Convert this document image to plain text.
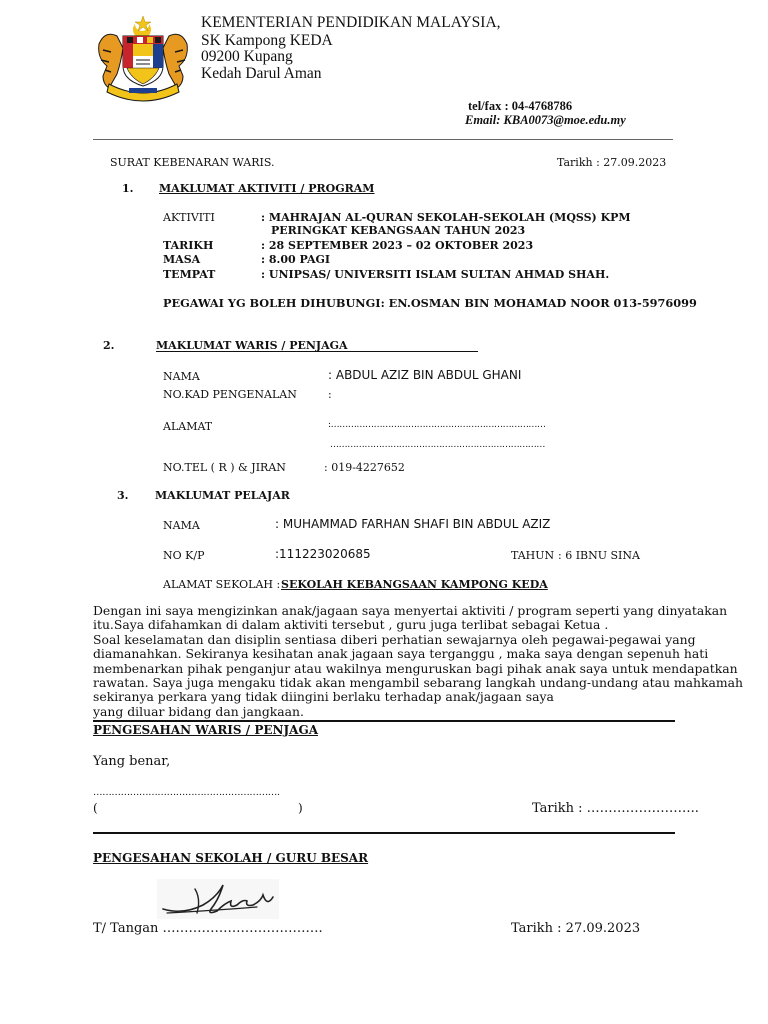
KEMENTERIAN PENDIDIKAN MALAYSIA,
SK Kampong KEDA
09200 Kupang
Kedah Darul Aman
tel/fax : 04-4768786
Email: KBA0073@moe.edu.my
SURAT KEBENARAN WARIS.	Tarikh : 27.09.2023
1. MAKLUMAT AKTIVITI / PROGRAM
AKTIVITI	: MAHRAJAN AL-QURAN SEKOLAH-SEKOLAH (MQSS) KPM
PERINGKAT KEBANGSAAN TAHUN 2023
TARIKH	: 28 SEPTEMBER 2023 – 02 OKTOBER 2023
MASA	: 8.00 PAGI
TEMPAT	: UNIPSAS/ UNIVERSITI ISLAM SULTAN AHMAD SHAH.
PEGAWAI YG BOLEH DIHUBUNGI: EN.OSMAN BIN MOHAMAD NOOR 013-5976099
2.	MAKLUMAT WARIS / PENJAGA
NAMA	: ABDUL AZIZ BIN ABDUL GHANI
NO.KAD PENGENALAN	:
ALAMAT	:…………………………………………………………………
…………………………………………………………………
NO.TEL ( R ) & JIRAN	: 019-4227652
3. MAKLUMAT PELAJAR
NAMA	: MUHAMMAD FARHAN SHAFI BIN ABDUL AZIZ
NO K/P	:111223020685	TAHUN : 6 IBNU SINA
ALAMAT SEKOLAH : SEKOLAH KEBANGSAAN KAMPONG KEDA
Dengan ini saya mengizinkan anak/jagaan saya menyertai aktiviti / program seperti yang dinyatakan
itu.Saya difahamkan di dalam aktiviti tersebut , guru juga terlibat sebagai Ketua .
Soal keselamatan dan disiplin sentiasa diberi perhatian sewajarnya oleh pegawai-pegawai yang
diamanahkan. Sekiranya kesihatan anak jagaan saya terganggu , maka saya dengan sepenuh hati
membenarkan pihak penganjur atau wakilnya menguruskan bagi pihak anak saya untuk mendapatkan
rawatan. Saya juga mengaku tidak akan mengambil sebarang langkah undang-undang atau mahkamah
sekiranya perkara yang tidak diingini berlaku terhadap anak/jagaan saya
yang diluar bidang dan jangkaan.
PENGESAHAN WARIS / PENJAGA
Yang benar,
…………………………………………………….
(	)	Tarikh : ……………………..
PENGESAHAN SEKOLAH / GURU BESAR
T/ Tangan ……………………………….	Tarikh : 27.09.2023
